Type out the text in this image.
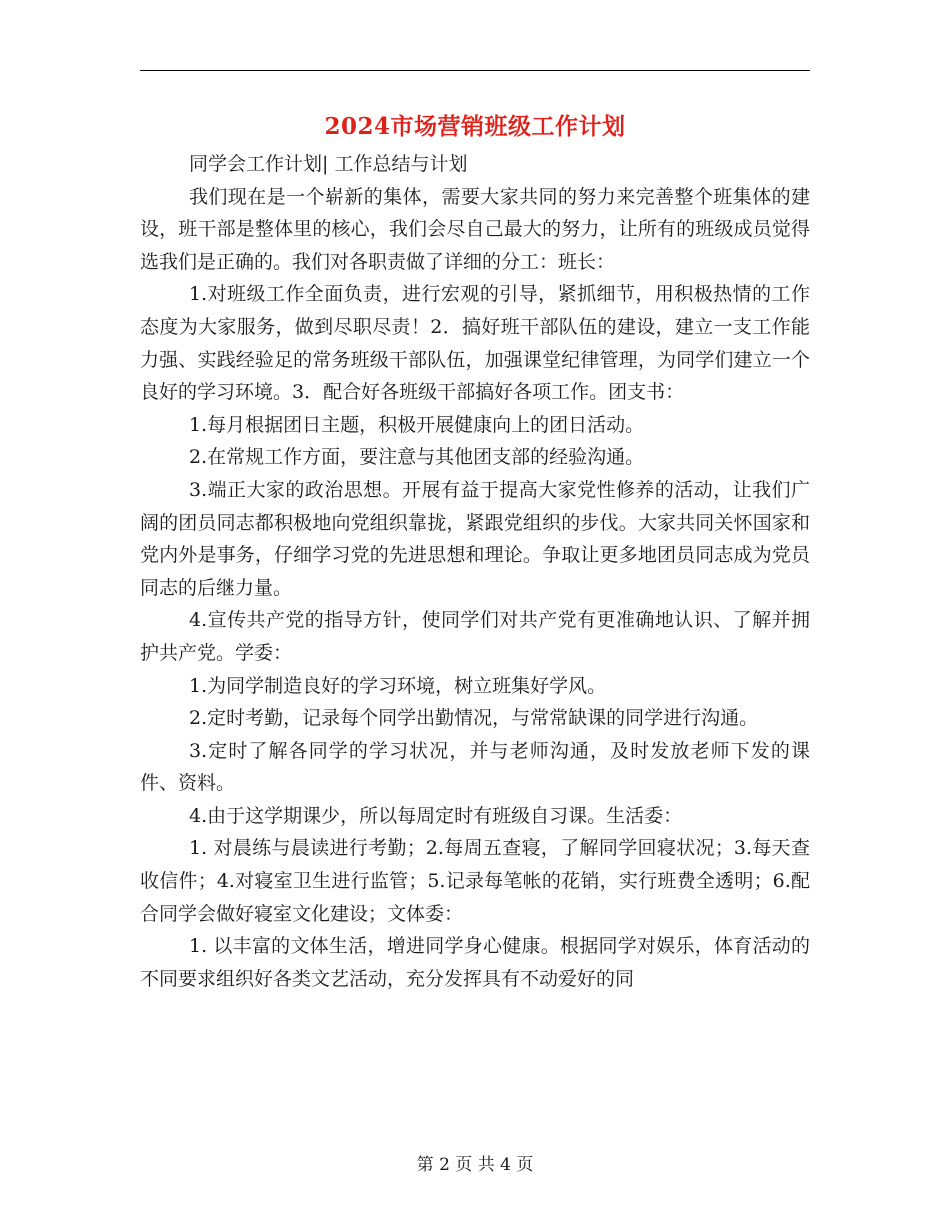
2024市场营销班级工作计划

同学会工作计划| 工作总结与计划

我们现在是一个崭新的集体，需要大家共同的努力来完善整个班集体的建设，班干部是整体里的核心，我们会尽自己最大的努力，让所有的班级成员觉得选我们是正确的。我们对各职责做了详细的分工：班长：

1.对班级工作全面负责，进行宏观的引导，紧抓细节，用积极热情的工作态度为大家服务，做到尽职尽责！2．搞好班干部队伍的建设，建立一支工作能力强、实践经验足的常务班级干部队伍，加强课堂纪律管理，为同学们建立一个良好的学习环境。3．配合好各班级干部搞好各项工作。团支书：

1.每月根据团日主题，积极开展健康向上的团日活动。

2.在常规工作方面，要注意与其他团支部的经验沟通。

3.端正大家的政治思想。开展有益于提高大家党性修养的活动，让我们广阔的团员同志都积极地向党组织靠拢，紧跟党组织的步伐。大家共同关怀国家和党内外是事务，仔细学习党的先进思想和理论。争取让更多地团员同志成为党员同志的后继力量。

4.宣传共产党的指导方针，使同学们对共产党有更准确地认识、了解并拥护共产党。学委：

1.为同学制造良好的学习环境，树立班集好学风。

2.定时考勤，记录每个同学出勤情况，与常常缺课的同学进行沟通。

3.定时了解各同学的学习状况，并与老师沟通，及时发放老师下发的课件、资料。

4.由于这学期课少，所以每周定时有班级自习课。生活委：

1. 对晨练与晨读进行考勤；2.每周五查寝，了解同学回寝状况；3.每天查收信件；4.对寝室卫生进行监管；5.记录每笔帐的花销，实行班费全透明；6.配合同学会做好寝室文化建设；文体委：

1. 以丰富的文体生活，增进同学身心健康。根据同学对娱乐，体育活动的不同要求组织好各类文艺活动，充分发挥具有不动爱好的同

第 2 页 共 4 页
